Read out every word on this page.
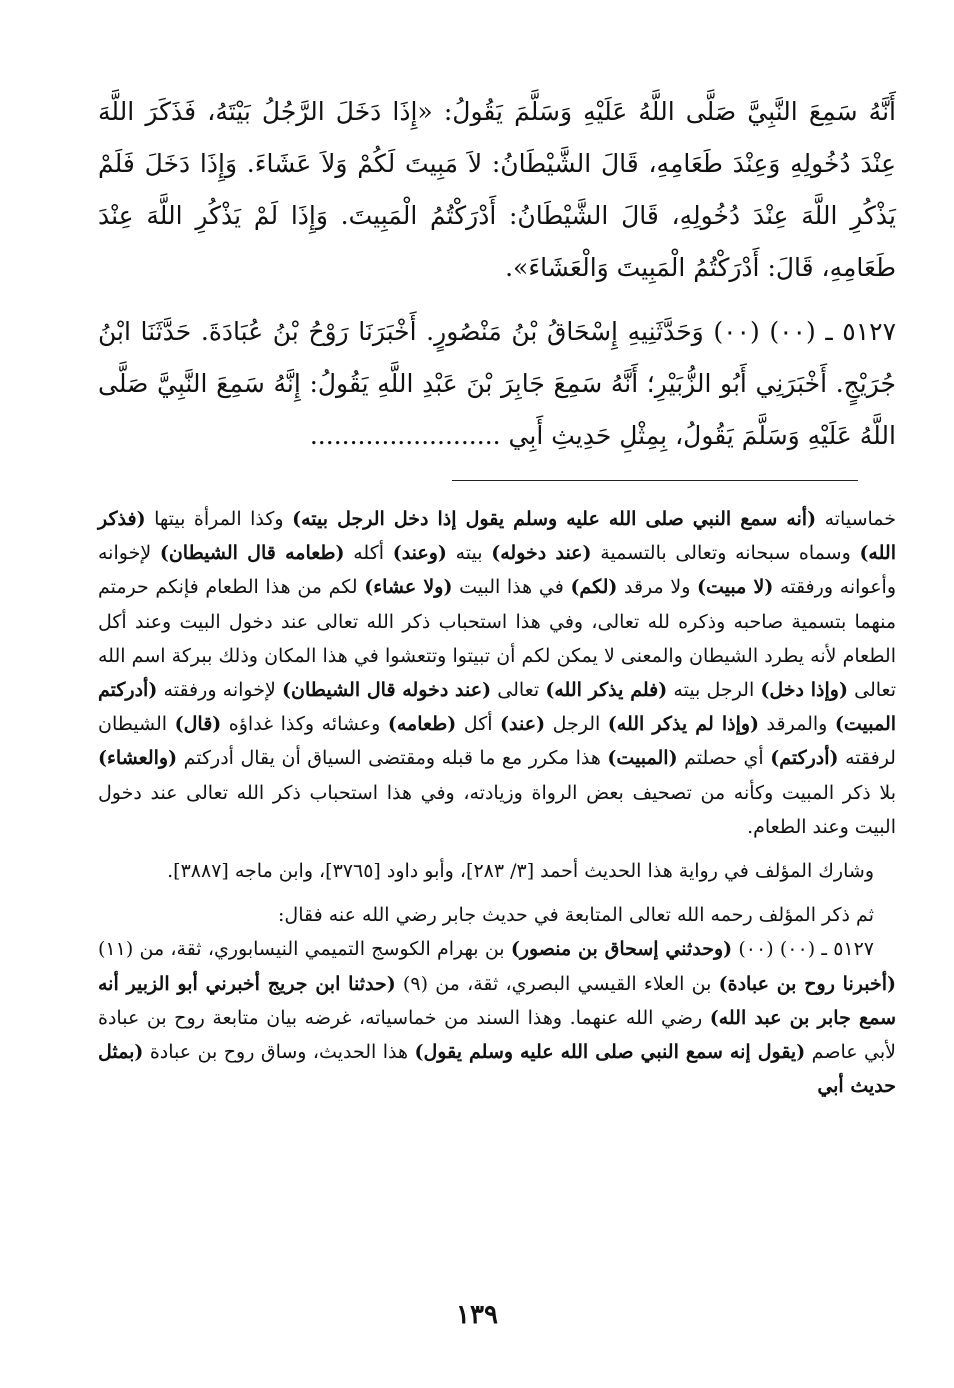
أَنَّهُ سَمِعَ النَّبِيَّ صَلَّى اللَّهُ عَلَيْهِ وَسَلَّمَ يَقُولُ: «إِذَا دَخَلَ الرَّجُلُ بَيْتَهُ، فَذَكَرَ اللَّهَ عِنْدَ دُخُولِهِ وَعِنْدَ طَعَامِهِ، قَالَ الشَّيْطَانُ: لاَ مَبِيتَ لَكُمْ وَلاَ عَشَاءَ. وَإِذَا دَخَلَ فَلَمْ يَذْكُرِ اللَّهَ عِنْدَ دُخُولِهِ، قَالَ الشَّيْطَانُ: أَدْرَكْتُمُ الْمَبِيتَ. وَإِذَا لَمْ يَذْكُرِ اللَّهَ عِنْدَ طَعَامِهِ، قَالَ: أَدْرَكْتُمُ الْمَبِيتَ وَالْعَشَاءَ».

٥١٢٧ ـ (٠٠) (٠٠) وَحَدَّثَنِيهِ إِسْحَاقُ بْنُ مَنْصُورٍ. أَخْبَرَنَا رَوْحُ بْنُ عُبَادَةَ. حَدَّثَنَا ابْنُ جُرَيْجٍ. أَخْبَرَنِي أَبُو الزُّبَيْرِ؛ أَنَّهُ سَمِعَ جَابِرَ بْنَ عَبْدِ اللَّهِ يَقُولُ: إِنَّهُ سَمِعَ النَّبِيَّ صَلَّى اللَّهُ عَلَيْهِ وَسَلَّمَ يَقُولُ، بِمِثْلِ حَدِيثِ أَبِي ........................

خماسياته (أنه سمع النبي صلى الله عليه وسلم يقول إذا دخل الرجل بيته) وكذا المرأة بيتها (فذكر الله) وسماه سبحانه وتعالى بالتسمية (عند دخوله) بيته (وعند) أكله (طعامه قال الشيطان) لإخوانه وأعوانه ورفقته (لا مبيت) ولا مرقد (لكم) في هذا البيت (ولا عشاء) لكم من هذا الطعام فإنكم حرمتم منهما بتسمية صاحبه وذكره لله تعالى، وفي هذا استحباب ذكر الله تعالى عند دخول البيت وعند أكل الطعام لأنه يطرد الشيطان والمعنى لا يمكن لكم أن تبيتوا وتتعشوا في هذا المكان وذلك ببركة اسم الله تعالى (وإذا دخل) الرجل بيته (فلم يذكر الله) تعالى (عند دخوله قال الشيطان) لإخوانه ورفقته (أدركتم المبيت) والمرقد (وإذا لم يذكر الله) الرجل (عند) أكل (طعامه) وعشائه وكذا غداؤه (قال) الشيطان لرفقته (أدركتم) أي حصلتم (المبيت) هذا مكرر مع ما قبله ومقتضى السياق أن يقال أدركتم (والعشاء) بلا ذكر المبيت وكأنه من تصحيف بعض الرواة وزيادته، وفي هذا استحباب ذكر الله تعالى عند دخول البيت وعند الطعام.

وشارك المؤلف في رواية هذا الحديث أحمد [٣/ ٢٨٣]، وأبو داود [٣٧٦٥]، وابن ماجه [٣٨٨٧].

ثم ذكر المؤلف رحمه الله تعالى المتابعة في حديث جابر رضي الله عنه فقال:

٥١٢٧ ـ (٠٠) (٠٠) (وحدثني إسحاق بن منصور) بن بهرام الكوسج التميمي النيسابوري، ثقة، من (١١) (أخبرنا روح بن عبادة) بن العلاء القيسي البصري، ثقة، من (٩) (حدثنا ابن جريج أخبرني أبو الزبير أنه سمع جابر بن عبد الله) رضي الله عنهما. وهذا السند من خماسياته، غرضه بيان متابعة روح بن عبادة لأبي عاصم (يقول إنه سمع النبي صلى الله عليه وسلم يقول) هذا الحديث، وساق روح بن عبادة (بمثل حديث أبي

١٣٩
